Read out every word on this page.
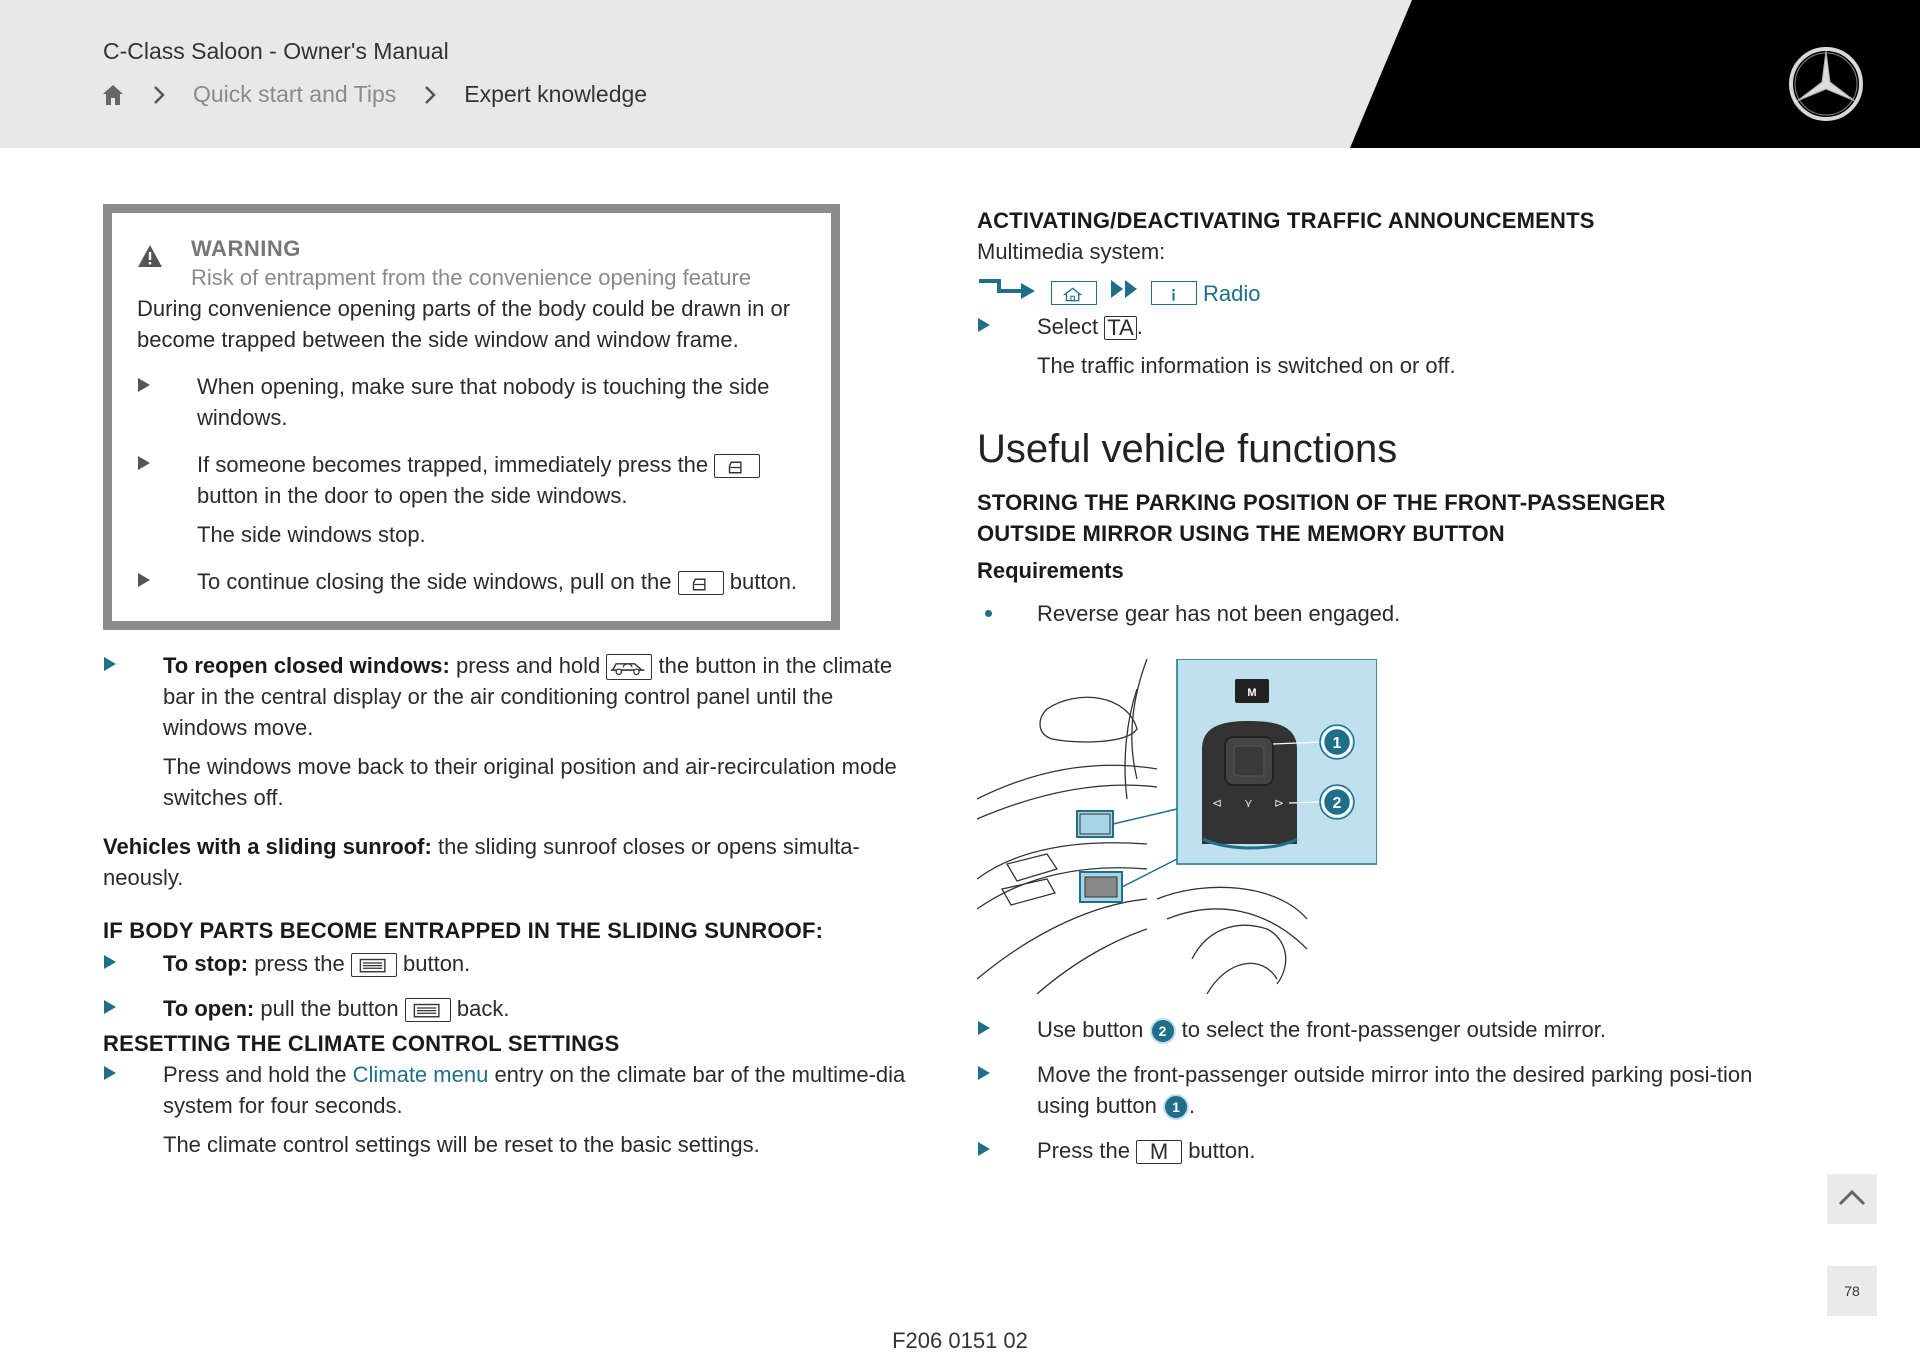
C-Class Saloon - Owner's Manual
Quick start and Tips	Expert knowledge
WARNING
Risk of entrapment from the convenience opening feature

During convenience opening parts of the body could be drawn in or become trapped between the side window and window frame.

When opening, make sure that nobody is touching the side windows.

If someone becomes trapped, immediately press the  button in the door to open the side windows.

The side windows stop.

To continue closing the side windows, pull on the	button.

To reopen closed windows: press and hold	the button in the climate bar in the central display or the air conditioning control panel until the windows move.

The windows move back to their original position and air-recirculation mode switches off.

Vehicles with a sliding sunroof: the sliding sunroof closes or opens simulta-neously.

IF BODY PARTS BECOME ENTRAPPED IN THE SLIDING SUNROOF:

To stop: press the	button.

To open: pull the button	back.

RESETTING THE CLIMATE CONTROL SETTINGS

Press and hold the Climate menu entry on the climate bar of the multime-dia system for four seconds.

The climate control settings will be reset to the basic settings.

ACTIVATING/DEACTIVATING TRAFFIC ANNOUNCEMENTS
Multimedia system:
Radio

Select TA .

The traffic information is switched on or off.

Useful vehicle functions
STORING THE PARKING POSITION OF THE FRONT-PASSENGER OUTSIDE MIRROR USING THE MEMORY BUTTON
Requirements

Reverse gear has not been engaged.

M
⊲ ⋎ ⊳
1
2

Use button 2 to select the front-passenger outside mirror.

Move the front-passenger outside mirror into the desired parking posi-tion using button 1 .

Press the M button.

78
F206 0151 02
